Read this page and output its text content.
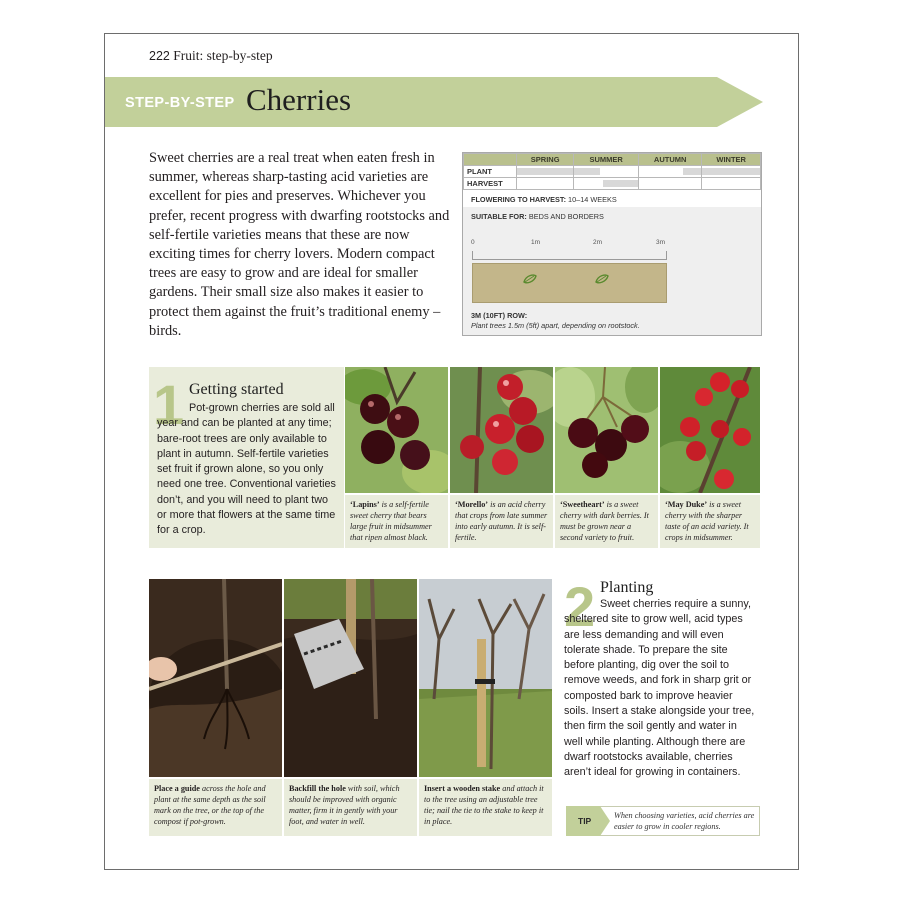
222 Fruit: step-by-step
STEP-BY-STEP Cherries
Sweet cherries are a real treat when eaten fresh in summer, whereas sharp-tasting acid varieties are excellent for pies and preserves. Whichever you prefer, recent progress with dwarfing rootstocks and self-fertile varieties means that these are now exciting times for cherry lovers. Modern compact trees are easy to grow and are ideal for smaller gardens. Their small size also makes it easier to protect them against the fruit’s traditional enemy – birds.
	SPRING	SUMMER	AUTUMN	WINTER
PLANT	

HARVEST		

FLOWERING TO HARVEST: 10–14 WEEKS
SUITABLE FOR: BEDS AND BORDERS
0	1m	2m	3m
3M (10FT) ROW:
Plant trees 1.5m (5ft) apart, depending on rootstock.
1 Getting started
Pot-grown cherries are sold all year and can be planted at any time; bare-root trees are only available to plant in autumn. Self-fertile varieties set fruit if grown alone, so you only need one tree. Conventional varieties don’t, and you will need to plant two or more that flowers at the same time for a crop.
‘Lapins’ is a self-fertile sweet cherry that bears large fruit in midsummer that ripen almost black.
‘Morello’ is an acid cherry that crops from late summer into early autumn. It is self-fertile.
‘Sweetheart’ is a sweet cherry with dark berries. It must be grown near a second variety to fruit.
‘May Duke’ is a sweet cherry with the sharper taste of an acid variety. It crops in midsummer.
Place a guide across the hole and plant at the same depth as the soil mark on the tree, or the top of the compost if pot-grown.
Backfill the hole with soil, which should be improved with organic matter, firm it in gently with your foot, and water in well.
Insert a wooden stake and attach it to the tree using an adjustable tree tie; nail the tie to the stake to keep it in place.
2 Planting
Sweet cherries require a sunny, sheltered site to grow well, acid types are less demanding and will even tolerate shade. To prepare the site before planting, dig over the soil to remove weeds, and fork in sharp grit or composted bark to improve heavier soils. Insert a stake alongside your tree, then firm the soil gently and water in well while planting. Although there are dwarf rootstocks available, cherries aren’t ideal for growing in containers.
TIP
When choosing varieties, acid cherries are easier to grow in cooler regions.
